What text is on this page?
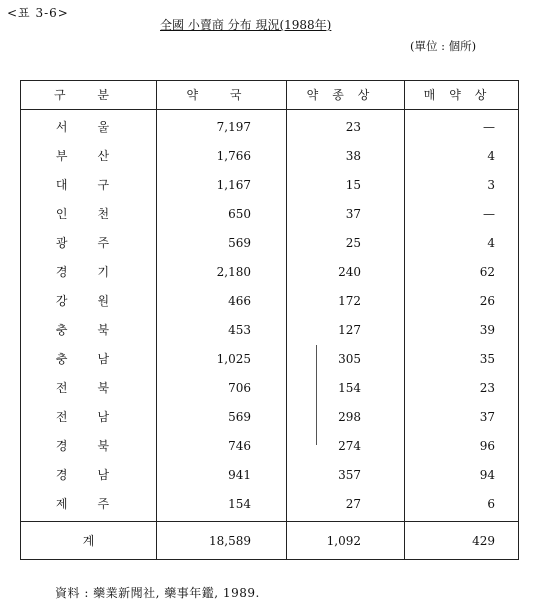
<표 3-6>
全國 小賣商 分布 現況(1988年)
(單位 : 個所)
구 분	약 국	약종상	매약상
서울	7,197	23	—
부산	1,766	38	4
대구	1,167	15	3
인천	650	37	—
광주	569	25	4
경기	2,180	240	62
강원	466	172	26
충북	453	127	39
충남	1,025	305	35
전북	706	154	23
전남	569	298	37
경북	746	274	96
경남	941	357	94
제주	154	27	6
계	18,589	1,092	429
資料 : 藥業新聞社, 藥事年鑑, 1989.
